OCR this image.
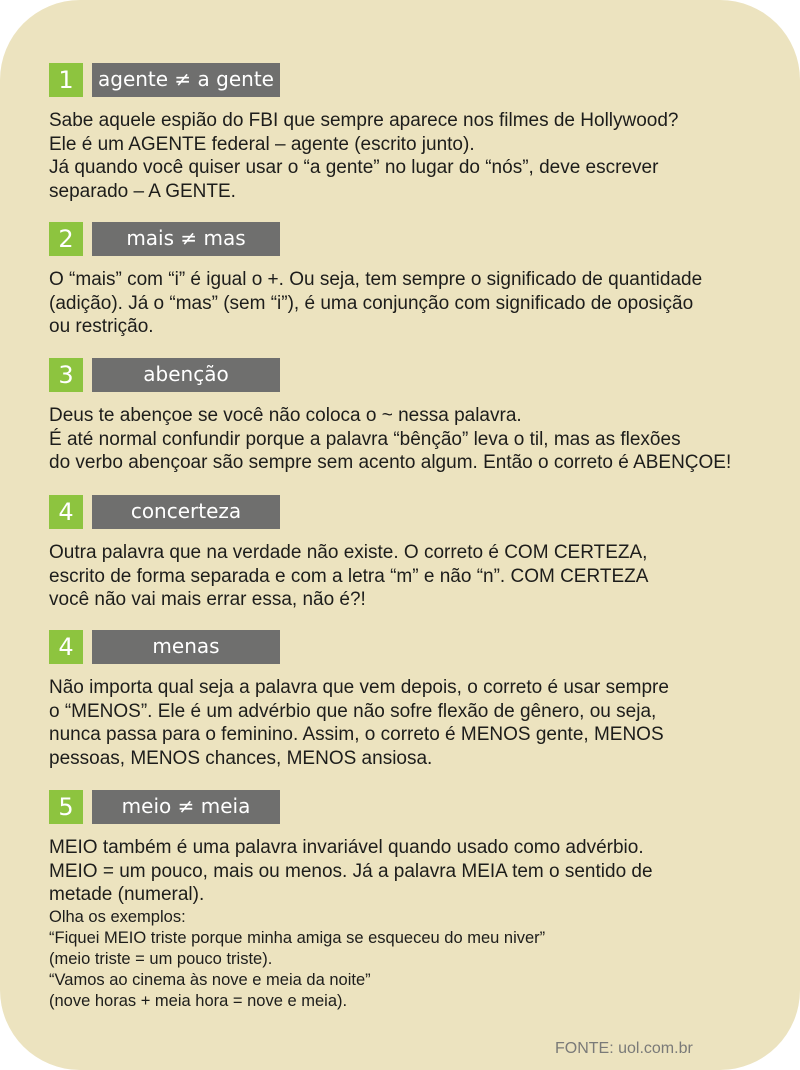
1	agente ≠ a gente
Sabe aquele espião do FBI que sempre aparece nos filmes de Hollywood?
Ele é um AGENTE federal – agente (escrito junto).
Já quando você quiser usar o “a gente” no lugar do “nós”, deve escrever
separado – A GENTE.
2	mais ≠ mas
O “mais” com “i” é igual o +. Ou seja, tem sempre o significado de quantidade
(adição). Já o “mas” (sem “i”), é uma conjunção com significado de oposição
ou restrição.
3	abenção
Deus te abençoe se você não coloca o ~ nessa palavra.
É até normal confundir porque a palavra “bênção” leva o til, mas as flexões
do verbo abençoar são sempre sem acento algum. Então o correto é ABENÇOE!
4	concerteza
Outra palavra que na verdade não existe. O correto é COM CERTEZA,
escrito de forma separada e com a letra “m” e não “n”. COM CERTEZA
você não vai mais errar essa, não é?!
4	menas
Não importa qual seja a palavra que vem depois, o correto é usar sempre
o “MENOS”. Ele é um advérbio que não sofre flexão de gênero, ou seja,
nunca passa para o feminino. Assim, o correto é MENOS gente, MENOS
pessoas, MENOS chances, MENOS ansiosa.
5	meio ≠ meia
MEIO também é uma palavra invariável quando usado como advérbio.
MEIO = um pouco, mais ou menos. Já a palavra MEIA tem o sentido de
metade (numeral).
Olha os exemplos:
“Fiquei MEIO triste porque minha amiga se esqueceu do meu niver”
(meio triste = um pouco triste).
“Vamos ao cinema às nove e meia da noite”
(nove horas + meia hora = nove e meia).
FONTE: uol.com.br
